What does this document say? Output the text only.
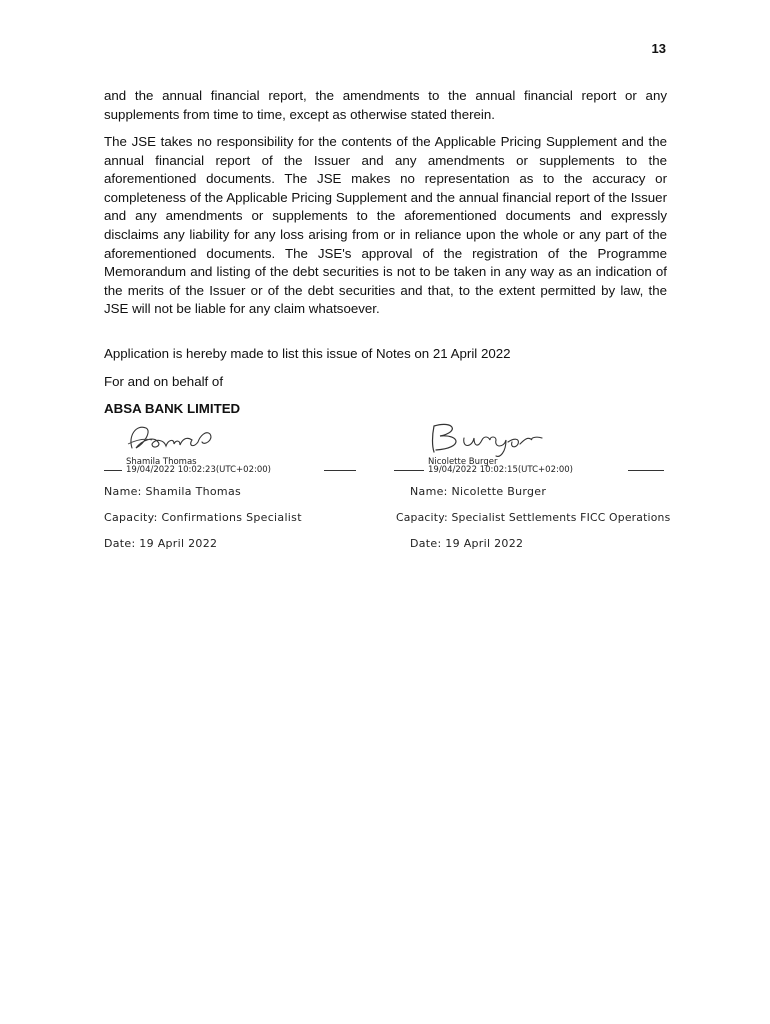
13

and the annual financial report, the amendments to the annual financial report or any supplements from time to time, except as otherwise stated therein.

The JSE takes no responsibility for the contents of the Applicable Pricing Supplement and the annual financial report of the Issuer and any amendments or supplements to the aforementioned documents. The JSE makes no representation as to the accuracy or completeness of the Applicable Pricing Supplement and the annual financial report of the Issuer and any amendments or supplements to the aforementioned documents and expressly disclaims any liability for any loss arising from or in reliance upon the whole or any part of the aforementioned documents. The JSE's approval of the registration of the Programme Memorandum and listing of the debt securities is not to be taken in any way as an indication of the merits of the Issuer or of the debt securities and that, to the extent permitted by law, the JSE will not be liable for any claim whatsoever.

Application is hereby made to list this issue of Notes on 21 April 2022

For and on behalf of

ABSA BANK LIMITED

Shamila Thomas
19/04/2022 10:02:23(UTC+02:00)
Nicolette Burger
19/04/2022 10:02:15(UTC+02:00)

Name: Shamila Thomas	Name: Nicolette Burger

Capacity: Confirmations Specialist	Capacity: Specialist Settlements FICC Operations

Date: 19 April 2022	Date: 19 April 2022
